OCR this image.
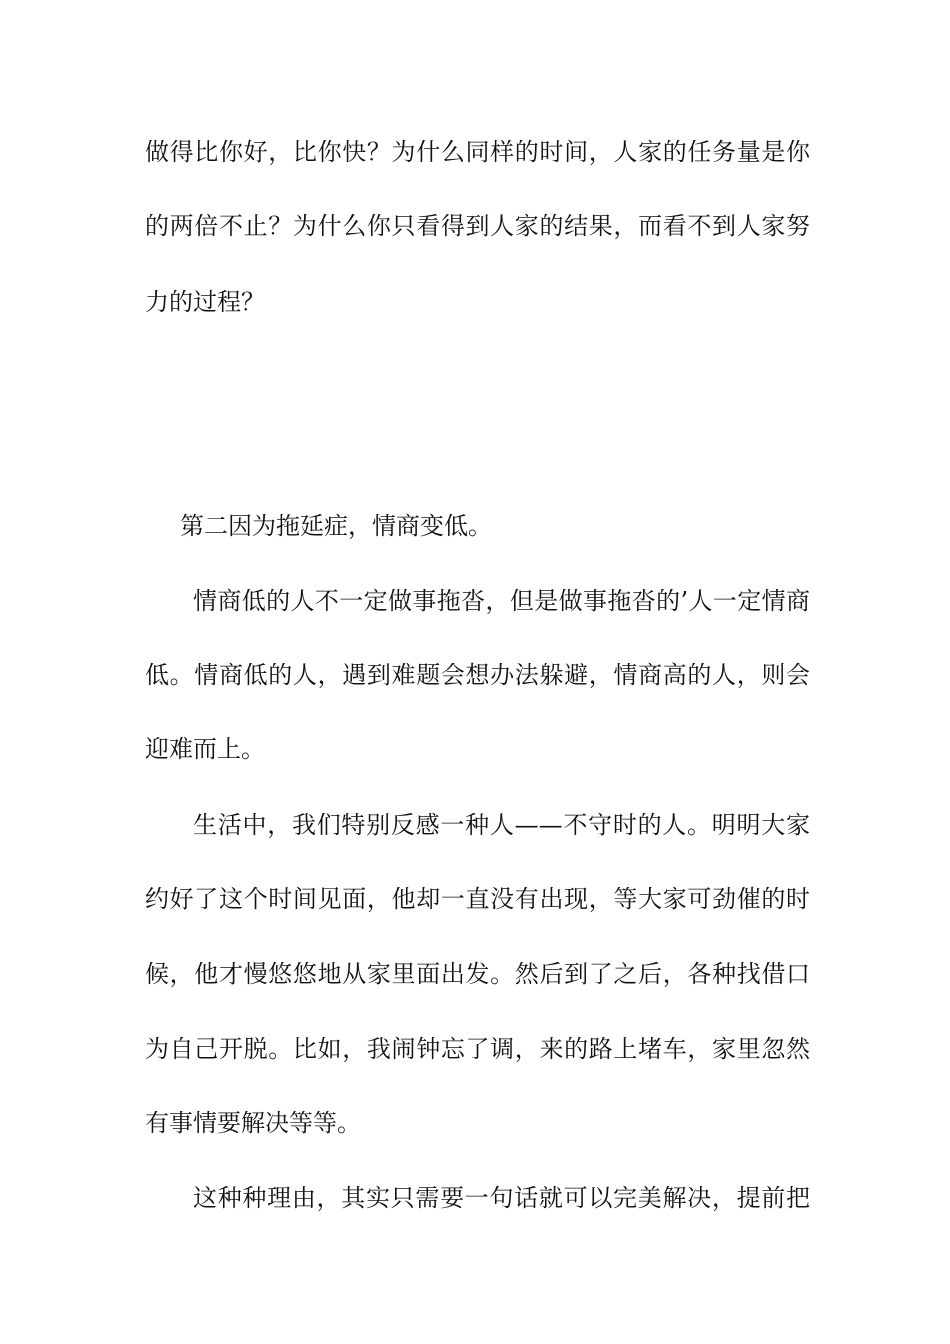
做得比你好，比你快？为什么同样的时间，人家的任务量是你
的两倍不止？为什么你只看得到人家的结果，而看不到人家努
力的过程？
第二因为拖延症，情商变低。
情商低的人不一定做事拖沓，但是做事拖沓的’人一定情商
低。情商低的人，遇到难题会想办法躲避，情商高的人，则会
迎难而上。
生活中，我们特别反感一种人——不守时的人。明明大家
约好了这个时间见面，他却一直没有出现，等大家可劲催的时
候，他才慢悠悠地从家里面出发。然后到了之后，各种找借口
为自己开脱。比如，我闹钟忘了调，来的路上堵车，家里忽然
有事情要解决等等。
这种种理由，其实只需要一句话就可以完美解决，提前把
